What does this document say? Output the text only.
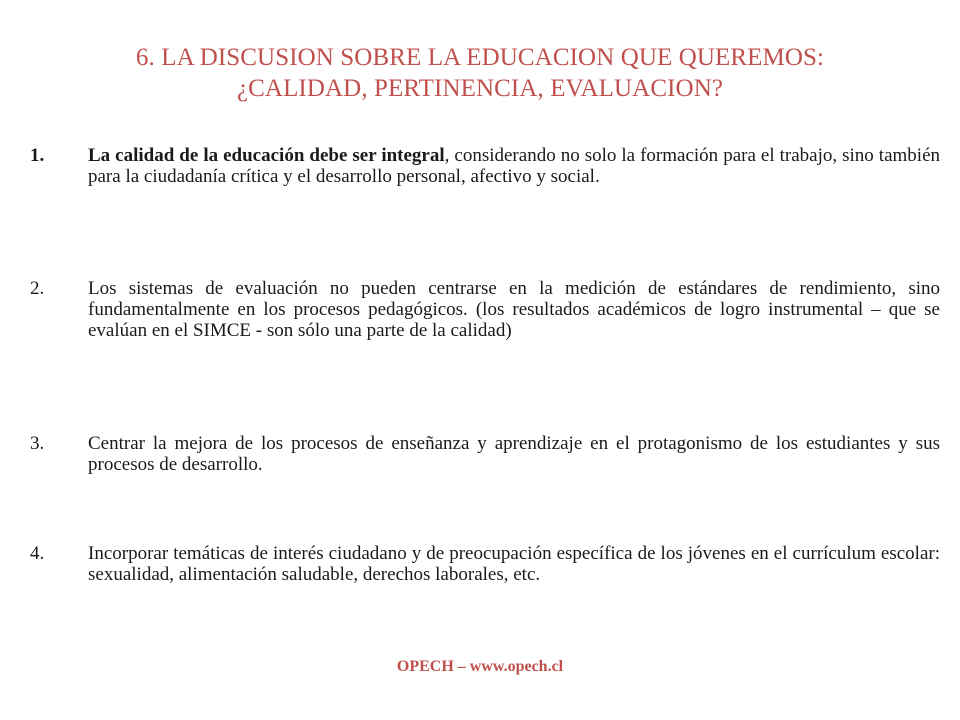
6. LA DISCUSION SOBRE LA EDUCACION QUE QUEREMOS:
¿CALIDAD, PERTINENCIA, EVALUACION?
1.	La calidad de la educación debe ser integral, considerando no solo la formación para el trabajo, sino también para la ciudadanía crítica y el desarrollo personal, afectivo y social.
2.	Los sistemas de evaluación no pueden centrarse en la medición de estándares de rendimiento, sino fundamentalmente en los procesos pedagógicos. (los resultados académicos de logro instrumental – que se evalúan en el SIMCE - son sólo una parte de la calidad)
3.	Centrar la mejora de los procesos de enseñanza y aprendizaje en el protagonismo de los estudiantes y sus procesos de desarrollo.
4.	Incorporar temáticas de interés ciudadano y de preocupación específica de los jóvenes en el currículum escolar: sexualidad, alimentación saludable, derechos laborales, etc.
OPECH – www.opech.cl
